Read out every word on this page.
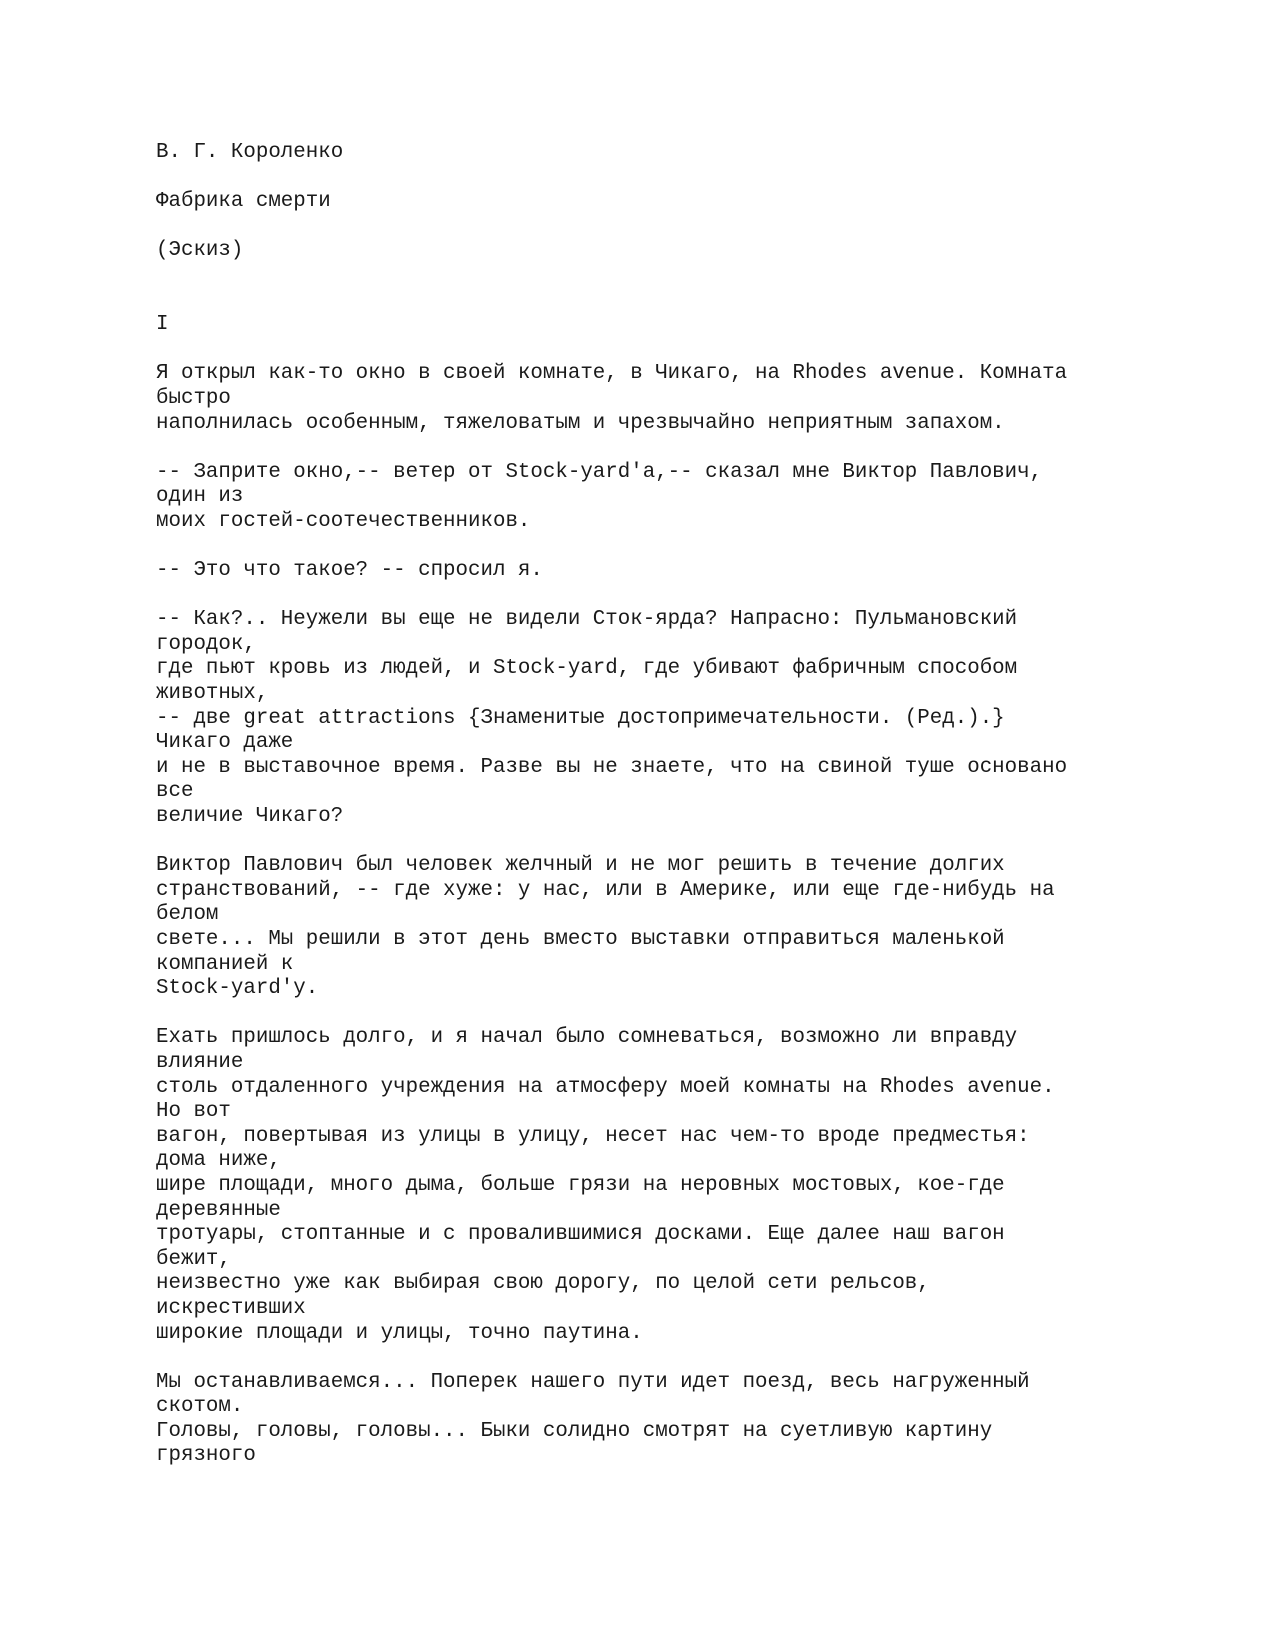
В. Г. Короленко
Фабрика смерти
(Эскиз)
I
Я открыл как-то окно в своей комнате, в Чикаго, на Rhodes avenue. Комната
быстро
наполнилась особенным, тяжеловатым и чрезвычайно неприятным запахом.
-- Заприте окно,-- ветер от Stock-yard'a,-- сказал мне Виктор Павлович,
один из
моих гостей-соотечественников.
-- Это что такое? -- спросил я.
-- Как?.. Неужели вы еще не видели Сток-ярда? Напрасно: Пульмановский
городок,
где пьют кровь из людей, и Stock-yard, где убивают фабричным способом
животных,
-- две great attractions {Знаменитые достопримечательности. (Ред.).}
Чикаго даже
и не в выставочное время. Разве вы не знаете, что на свиной туше основано
все
величие Чикаго?
Виктор Павлович был человек желчный и не мог решить в течение долгих
странствований, -- где хуже: у нас, или в Америке, или еще где-нибудь на
белом
свете... Мы решили в этот день вместо выставки отправиться маленькой
компанией к
Stock-yard'у.
Ехать пришлось долго, и я начал было сомневаться, возможно ли вправду
влияние
столь отдаленного учреждения на атмосферу моей комнаты на Rhodes avenue.
Но вот
вагон, повертывая из улицы в улицу, несет нас чем-то вроде предместья:
дома ниже,
шире площади, много дыма, больше грязи на неровных мостовых, кое-где
деревянные
тротуары, стоптанные и с провалившимися досками. Еще далее наш вагон
бежит,
неизвестно уже как выбирая свою дорогу, по целой сети рельсов,
искрестивших
широкие площади и улицы, точно паутина.
Мы останавливаемся... Поперек нашего пути идет поезд, весь нагруженный
скотом.
Головы, головы, головы... Быки солидно смотрят на суетливую картину
грязного
